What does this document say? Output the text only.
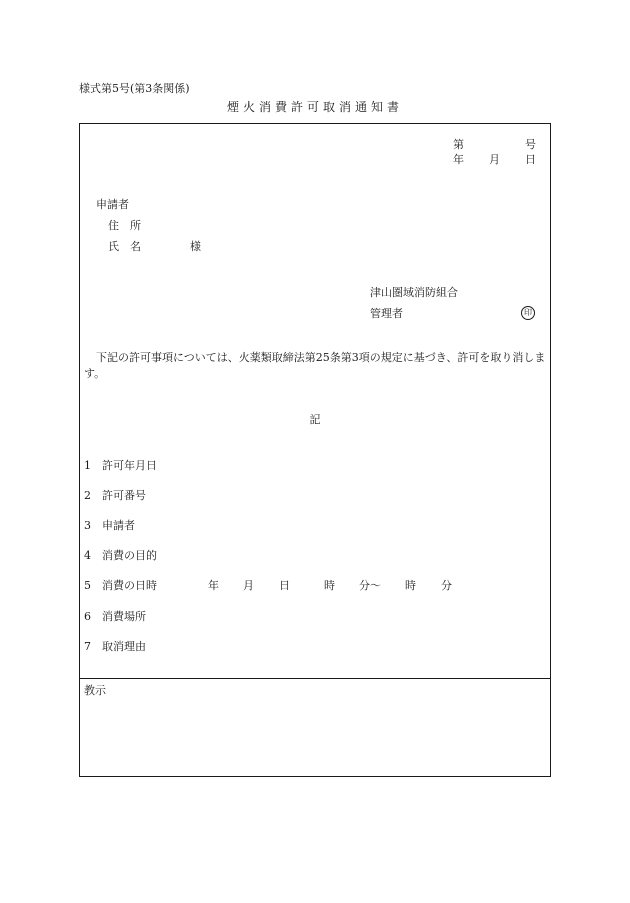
様式第5号(第3条関係)
煙火消費許可取消通知書
第	号
年 月 日
申請者
住　所
氏　名	様
津山圏域消防組合
管理者	印
下記の許可事項については、火薬類取締法第25条第3項の規定に基づき、許可を取り消します。
記
1 許可年月日
2 許可番号
3 申請者
4 消費の目的
5 消費の日時	年 月 日	時 分～ 時 分
6 消費場所
7 取消理由
教示
